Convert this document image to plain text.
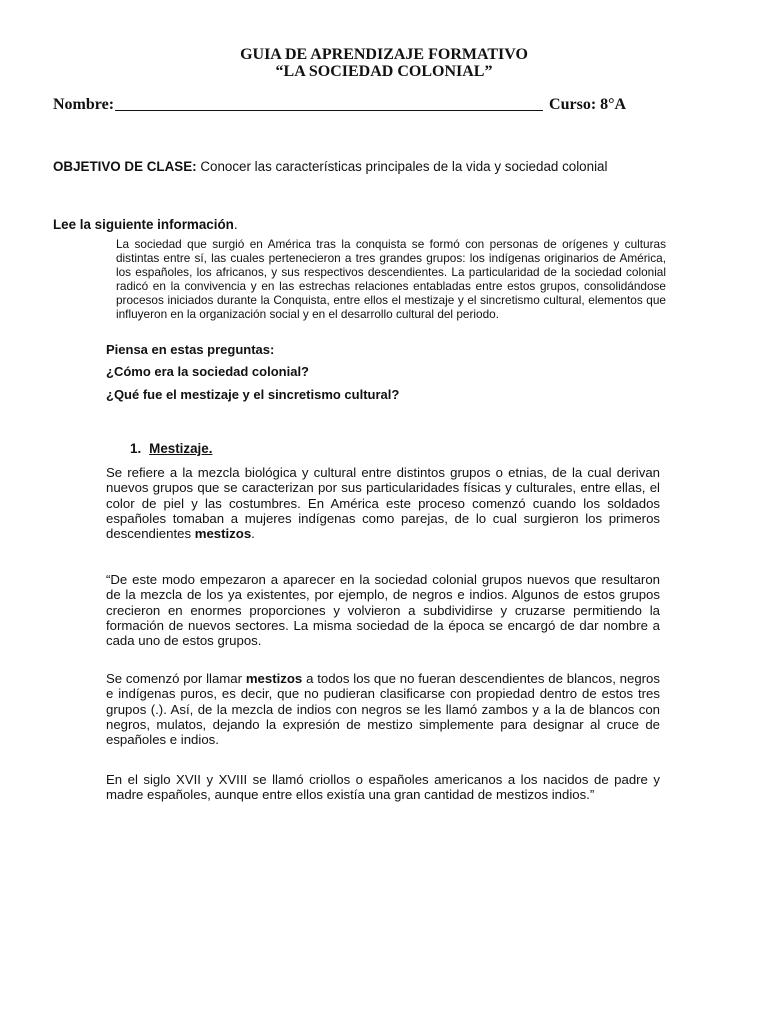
GUIA DE APRENDIZAJE FORMATIVO
“LA SOCIEDAD COLONIAL”
Nombre:	Curso: 8°A
OBJETIVO DE CLASE: Conocer las características principales de la vida y sociedad colonial
Lee la siguiente información.

La sociedad que surgió en América tras la conquista se formó con personas de orígenes y culturas distintas entre sí, las cuales pertenecieron a tres grandes grupos: los indígenas originarios de América, los españoles, los africanos, y sus respectivos descendientes. La particularidad de la sociedad colonial radicó en la convivencia y en las estrechas relaciones entabladas entre estos grupos, consolidándose procesos iniciados durante la Conquista, entre ellos el mestizaje y el sincretismo cultural, elementos que influyeron en la organización social y en el desarrollo cultural del periodo.

Piensa en estas preguntas:
¿Cómo era la sociedad colonial?
¿Qué fue el mestizaje y el sincretismo cultural?
1. Mestizaje.

Se refiere a la mezcla biológica y cultural entre distintos grupos o etnias, de la cual derivan nuevos grupos que se caracterizan por sus particularidades físicas y culturales, entre ellas, el color de piel y las costumbres. En América este proceso comenzó cuando los soldados españoles tomaban a mujeres indígenas como parejas, de lo cual surgieron los primeros descendientes mestizos.

“De este modo empezaron a aparecer en la sociedad colonial grupos nuevos que resultaron de la mezcla de los ya existentes, por ejemplo, de negros e indios. Algunos de estos grupos crecieron en enormes proporciones y volvieron a subdividirse y cruzarse permitiendo la formación de nuevos sectores. La misma sociedad de la época se encargó de dar nombre a cada uno de estos grupos.

Se comenzó por llamar mestizos a todos los que no fueran descendientes de blancos, negros e indígenas puros, es decir, que no pudieran clasificarse con propiedad dentro de estos tres grupos (.). Así, de la mezcla de indios con negros se les llamó zambos y a la de blancos con negros, mulatos, dejando la expresión de mestizo simplemente para designar al cruce de españoles e indios.

En el siglo XVII y XVIII se llamó criollos o españoles americanos a los nacidos de padre y madre españoles, aunque entre ellos existía una gran cantidad de mestizos indios.”
